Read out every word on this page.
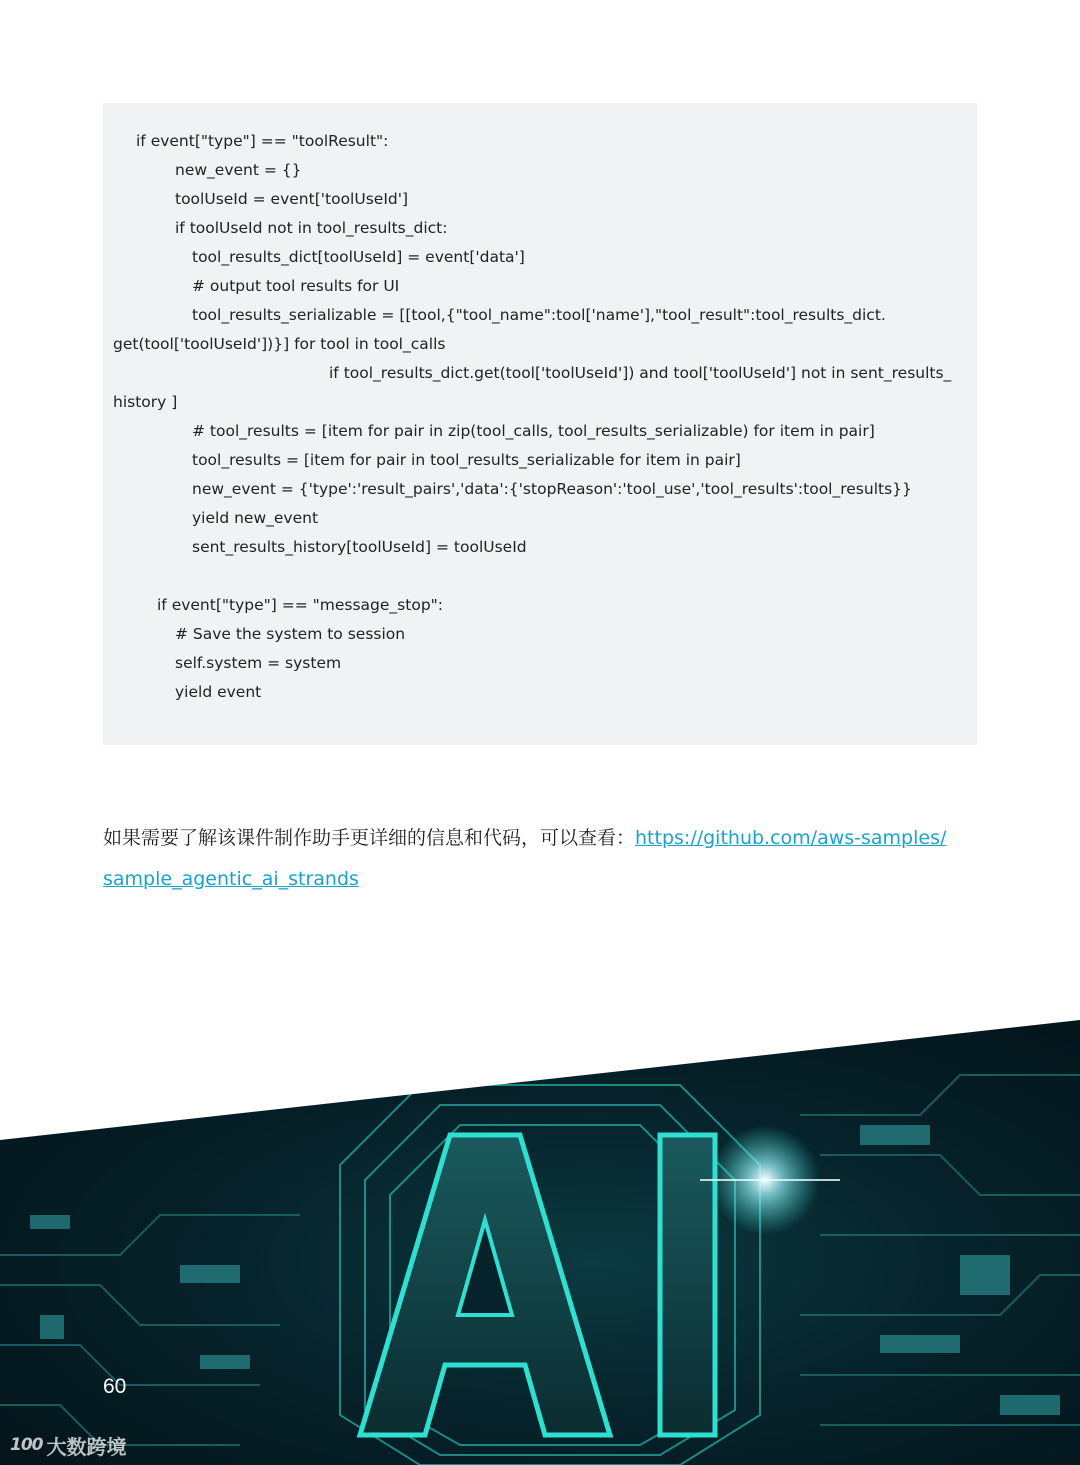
if event["type"] == "toolResult":
new_event = {}
toolUseId = event['toolUseId']
if toolUseId not in tool_results_dict:
tool_results_dict[toolUseId] = event['data']
# output tool results for UI
tool_results_serializable = [[tool,{"tool_name":tool['name'],"tool_result":tool_results_dict.
get(tool['toolUseId'])}] for tool in tool_calls
if tool_results_dict.get(tool['toolUseId']) and tool['toolUseId'] not in sent_results_
history ]
# tool_results = [item for pair in zip(tool_calls, tool_results_serializable) for item in pair]
tool_results = [item for pair in tool_results_serializable for item in pair]
new_event = {'type':'result_pairs','data':{'stopReason':'tool_use','tool_results':tool_results}}
yield new_event
sent_results_history[toolUseId] = toolUseId
if event["type"] == "message_stop":
# Save the system to session
self.system = system
yield event
如果需要了解该课件制作助手更详细的信息和代码，可以查看：https://github.com/aws-samples/
sample_agentic_ai_strands
60
100 大数跨境
